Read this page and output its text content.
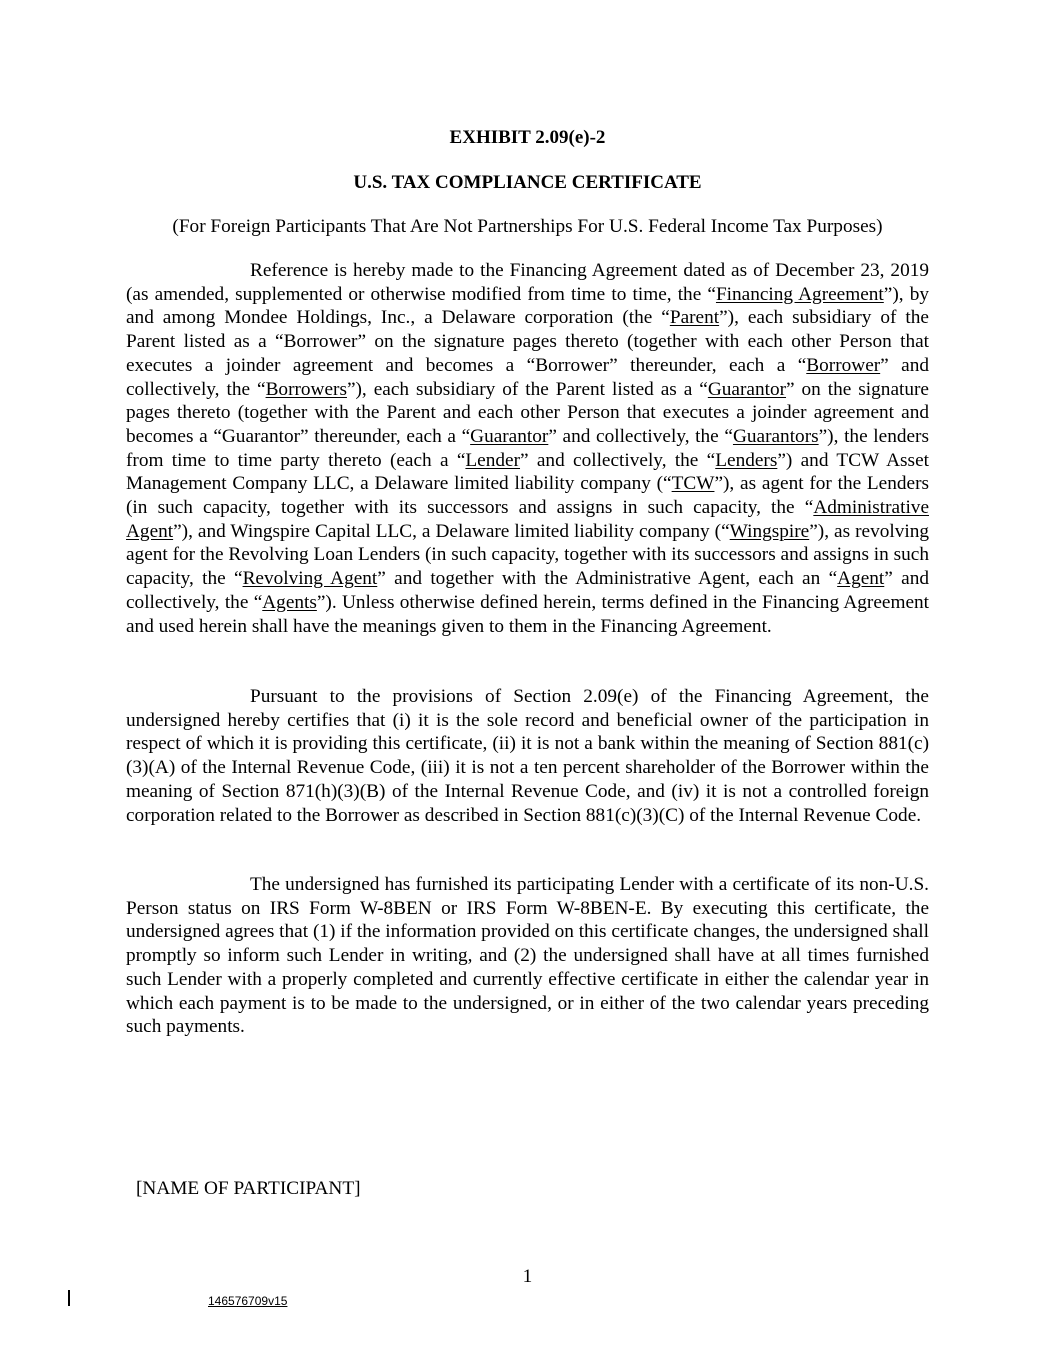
EXHIBIT 2.09(e)-2
U.S. TAX COMPLIANCE CERTIFICATE
(For Foreign Participants That Are Not Partnerships For U.S. Federal Income Tax Purposes)

Reference is hereby made to the Financing Agreement dated as of December 23, 2019 (as amended, supplemented or otherwise modified from time to time, the “Financing Agreement”), by and among Mondee Holdings, Inc., a Delaware corporation (the “Parent”), each subsidiary of the Parent listed as a “Borrower” on the signature pages thereto (together with each other Person that executes a joinder agreement and becomes a “Borrower” thereunder, each a “Borrower” and collectively, the “Borrowers”), each subsidiary of the Parent listed as a “Guarantor” on the signature pages thereto (together with the Parent and each other Person that executes a joinder agreement and becomes a “Guarantor” thereunder, each a “Guarantor” and collectively, the “Guarantors”), the lenders from time to time party thereto (each a “Lender” and collectively, the “Lenders”) and TCW Asset Management Company LLC, a Delaware limited liability company (“TCW”), as agent for the Lenders (in such capacity, together with its successors and assigns in such capacity, the “Administrative Agent”), and Wingspire Capital LLC, a Delaware limited liability company (“Wingspire”), as revolving agent for the Revolving Loan Lenders (in such capacity, together with its successors and assigns in such capacity, the “Revolving Agent” and together with the Administrative Agent, each an “Agent” and collectively, the “Agents”). Unless otherwise defined herein, terms defined in the Financing Agreement and used herein shall have the meanings given to them in the Financing Agreement.

Pursuant to the provisions of Section 2.09(e) of the Financing Agreement, the undersigned hereby certifies that (i) it is the sole record and beneficial owner of the participation in respect of which it is providing this certificate, (ii) it is not a bank within the meaning of Section 881(c)(3)(A) of the Internal Revenue Code, (iii) it is not a ten percent shareholder of the Borrower within the meaning of Section 871(h)(3)(B) of the Internal Revenue Code, and (iv) it is not a controlled foreign corporation related to the Borrower as described in Section 881(c)(3)(C) of the Internal Revenue Code.

The undersigned has furnished its participating Lender with a certificate of its non-U.S. Person status on IRS Form W-8BEN or IRS Form W-8BEN-E. By executing this certificate, the undersigned agrees that (1) if the information provided on this certificate changes, the undersigned shall promptly so inform such Lender in writing, and (2) the undersigned shall have at all times furnished such Lender with a properly completed and currently effective certificate in either the calendar year in which each payment is to be made to the undersigned, or in either of the two calendar years preceding such payments.

[NAME OF PARTICIPANT]
1
146576709v15
